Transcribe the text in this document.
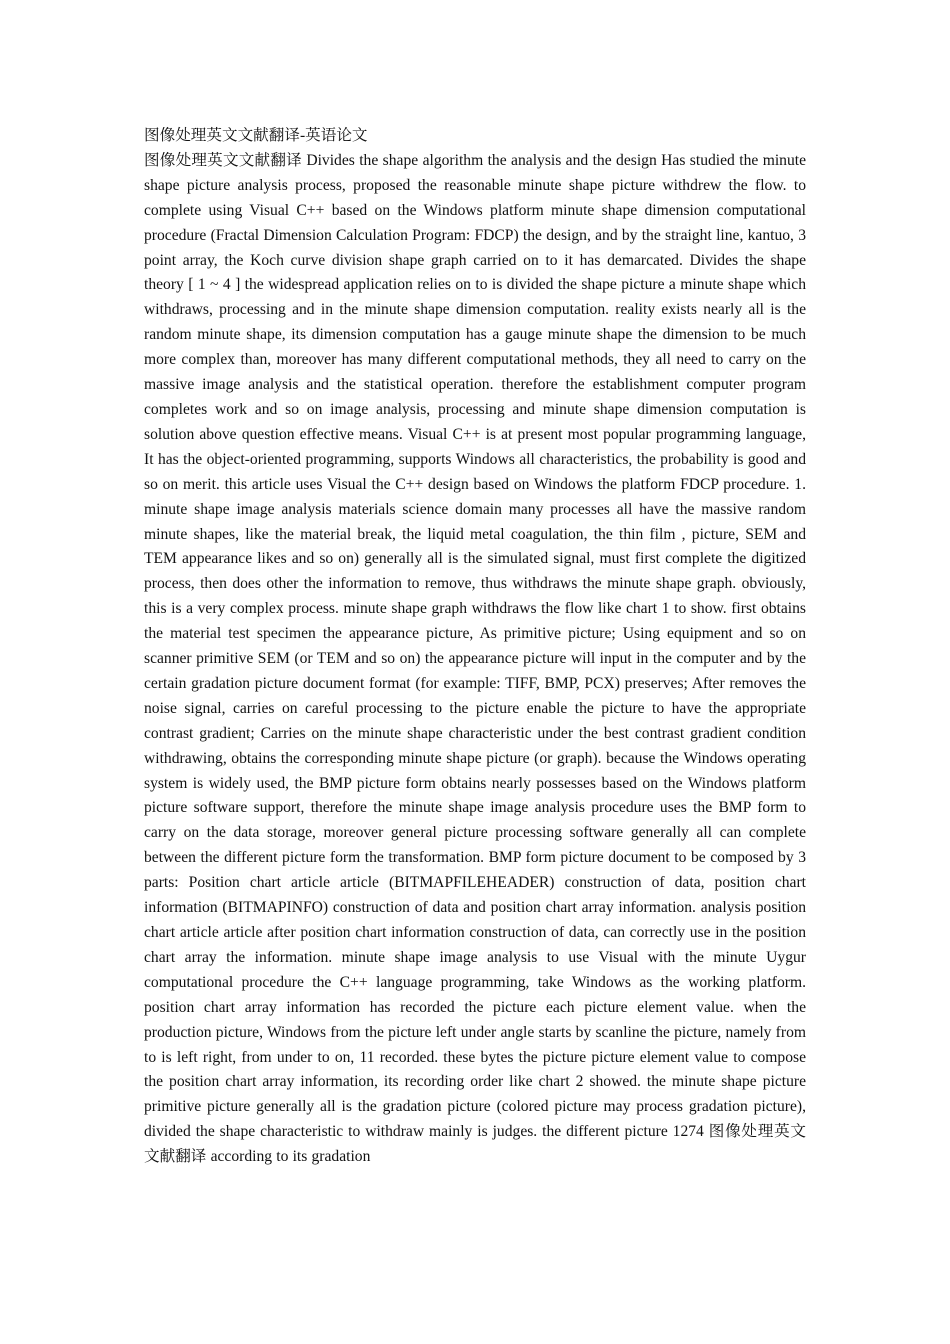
图像处理英文文献翻译-英语论文

图像处理英文文献翻译 Divides the shape algorithm the analysis and the design Has studied the minute shape picture analysis process, proposed the reasonable minute shape picture withdrew the flow. to complete using Visual C++ based on the Windows platform minute shape dimension computational procedure (Fractal Dimension Calculation Program: FDCP) the design, and by the straight line, kantuo, 3 point array, the Koch curve division shape graph carried on to it has demarcated. Divides the shape theory [ 1 ~ 4 ] the widespread application relies on to is divided the shape picture a minute shape which withdraws, processing and in the minute shape dimension computation. reality exists nearly all is the random minute shape, its dimension computation has a gauge minute shape the dimension to be much more complex than, moreover has many different computational methods, they all need to carry on the massive image analysis and the statistical operation. therefore the establishment computer program completes work and so on image analysis, processing and minute shape dimension computation is solution above question effective means. Visual C++ is at present most popular programming language, It has the object-oriented programming, supports Windows all characteristics, the probability is good and so on merit. this article uses Visual the C++ design based on Windows the platform FDCP procedure. 1. minute shape image analysis materials science domain many processes all have the massive random minute shapes, like the material break, the liquid metal coagulation, the thin film , picture, SEM and TEM appearance likes and so on) generally all is the simulated signal, must first complete the digitized process, then does other the information to remove, thus withdraws the minute shape graph. obviously, this is a very complex process. minute shape graph withdraws the flow like chart 1 to show. first obtains the material test specimen the appearance picture, As primitive picture; Using equipment and so on scanner primitive SEM (or TEM and so on) the appearance picture will input in the computer and by the certain gradation picture document format (for example: TIFF, BMP, PCX) preserves; After removes the noise signal, carries on careful processing to the picture enable the picture to have the appropriate contrast gradient; Carries on the minute shape characteristic under the best contrast gradient condition withdrawing, obtains the corresponding minute shape picture (or graph). because the Windows operating system is widely used, the BMP picture form obtains nearly possesses based on the Windows platform picture software support, therefore the minute shape image analysis procedure uses the BMP form to carry on the data storage, moreover general picture processing software generally all can complete between the different picture form the transformation. BMP form picture document to be composed by 3 parts: Position chart article article (BITMAPFILEHEADER) construction of data, position chart information (BITMAPINFO) construction of data and position chart array information. analysis position chart article article after position chart information construction of data, can correctly use in the position chart array the information. minute shape image analysis to use Visual with the minute Uygur computational procedure the C++ language programming, take Windows as the working platform. position chart array information has recorded the picture each picture element value. when the production picture, Windows from the picture left under angle starts by scanline the picture, namely from to is left right, from under to on, 11 recorded. these bytes the picture picture element value to compose the position chart array information, its recording order like chart 2 showed. the minute shape picture primitive picture generally all is the gradation picture (colored picture may process gradation picture), divided the shape characteristic to withdraw mainly is judges. the different picture 1274 图像处理英文文献翻译 according to its gradation
